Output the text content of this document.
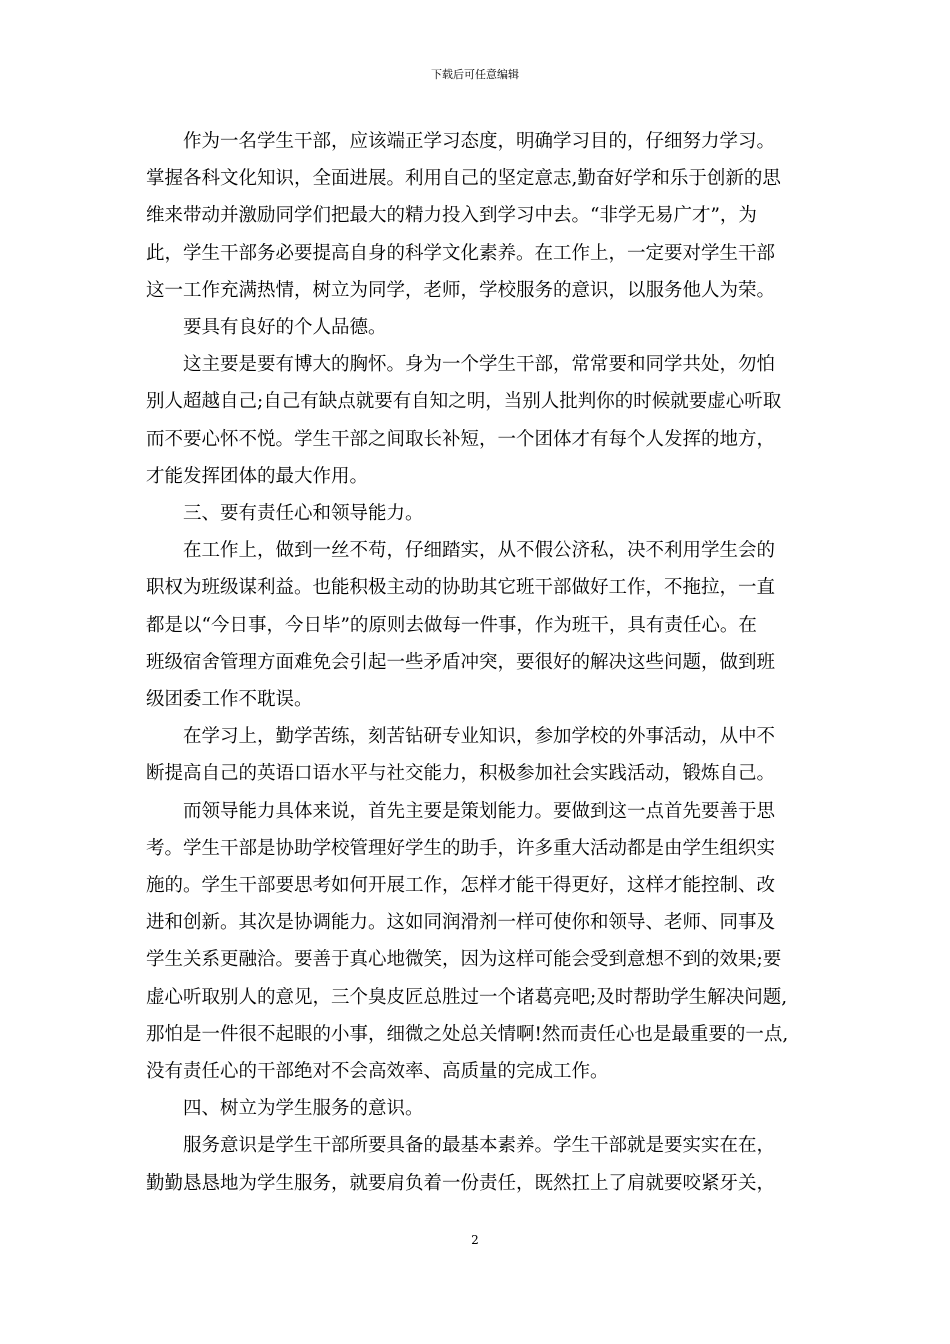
下载后可任意编辑

作为一名学生干部，应该端正学习态度，明确学习目的，仔细努力学习。
掌握各科文化知识，全面进展。利用自己的坚定意志,勤奋好学和乐于创新的思
维来带动并激励同学们把最大的精力投入到学习中去。“非学无易广才”，为
此，学生干部务必要提高自身的科学文化素养。在工作上，一定要对学生干部
这一工作充满热情，树立为同学，老师，学校服务的意识，以服务他人为荣。

要具有良好的个人品德。

这主要是要有博大的胸怀。身为一个学生干部，常常要和同学共处，勿怕
别人超越自己;自己有缺点就要有自知之明，当别人批判你的时候就要虚心听取
而不要心怀不悦。学生干部之间取长补短，一个团体才有每个人发挥的地方，
才能发挥团体的最大作用。

三、要有责任心和领导能力。

在工作上，做到一丝不苟，仔细踏实，从不假公济私，决不利用学生会的
职权为班级谋利益。也能积极主动的协助其它班干部做好工作，不拖拉，一直
都是以“今日事，今日毕”的原则去做每一件事，作为班干，具有责任心。在
班级宿舍管理方面难免会引起一些矛盾冲突，要很好的解决这些问题，做到班
级团委工作不耽误。

在学习上，勤学苦练，刻苦钻研专业知识，参加学校的外事活动，从中不
断提高自己的英语口语水平与社交能力，积极参加社会实践活动，锻炼自己。

而领导能力具体来说，首先主要是策划能力。要做到这一点首先要善于思
考。学生干部是协助学校管理好学生的助手，许多重大活动都是由学生组织实
施的。学生干部要思考如何开展工作，怎样才能干得更好，这样才能控制、改
进和创新。其次是协调能力。这如同润滑剂一样可使你和领导、老师、同事及
学生关系更融洽。要善于真心地微笑，因为这样可能会受到意想不到的效果;要
虚心听取别人的意见，三个臭皮匠总胜过一个诸葛亮吧;及时帮助学生解决问题,
那怕是一件很不起眼的小事，细微之处总关情啊!然而责任心也是最重要的一点,
没有责任心的干部绝对不会高效率、高质量的完成工作。

四、树立为学生服务的意识。

服务意识是学生干部所要具备的最基本素养。学生干部就是要实实在在，
勤勤恳恳地为学生服务，就要肩负着一份责任，既然扛上了肩就要咬紧牙关，

2
